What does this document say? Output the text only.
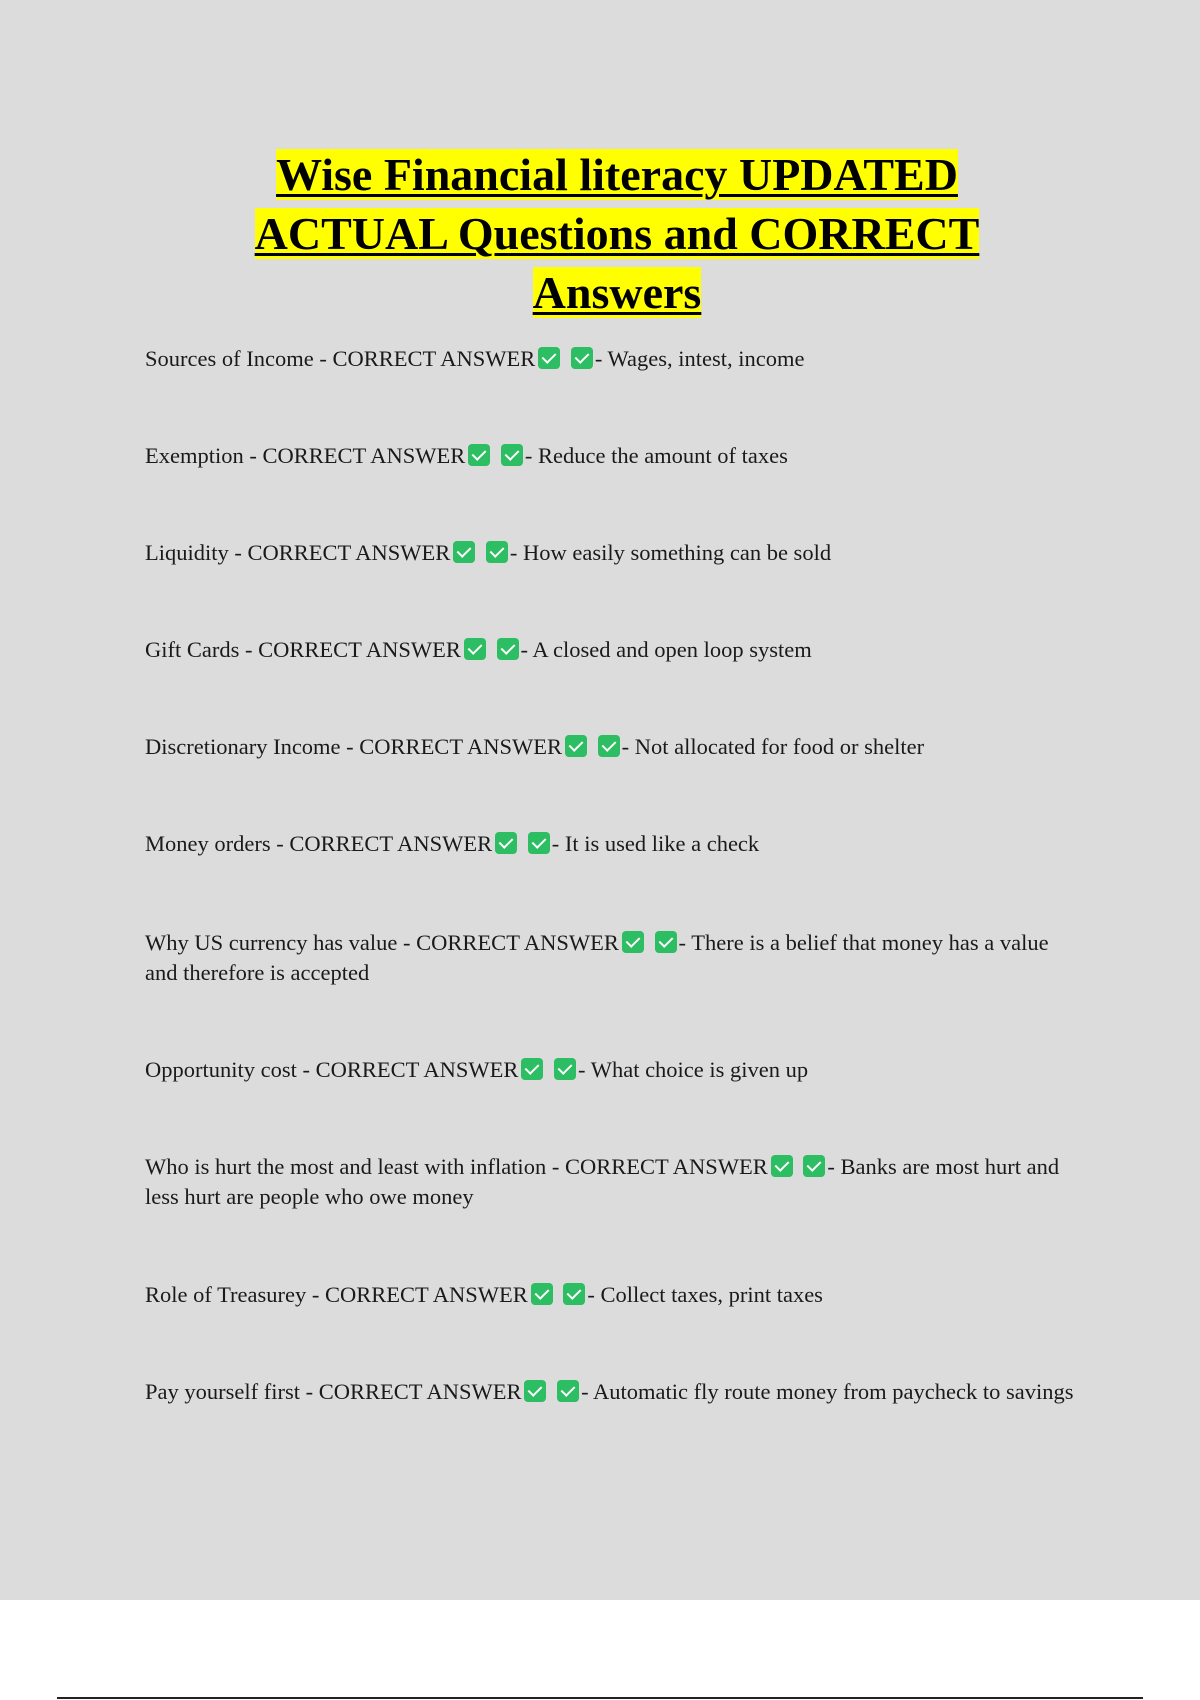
Wise Financial literacy UPDATED
ACTUAL Questions and CORRECT
Answers

Sources of Income - CORRECT ANSWER	- Wages, intest, income

Exemption - CORRECT ANSWER	- Reduce the amount of taxes

Liquidity - CORRECT ANSWER	- How easily something can be sold

Gift Cards - CORRECT ANSWER	- A closed and open loop system

Discretionary Income - CORRECT ANSWER	- Not allocated for food or shelter

Money orders - CORRECT ANSWER	- It is used like a check

Why US currency has value - CORRECT ANSWER	- There is a belief that money has a value and therefore is accepted

Opportunity cost - CORRECT ANSWER	- What choice is given up

Who is hurt the most and least with inflation - CORRECT ANSWER	- Banks are most hurt and less hurt are people who owe money

Role of Treasurey - CORRECT ANSWER	- Collect taxes, print taxes

Pay yourself first - CORRECT ANSWER	- Automatic fly route money from paycheck to savings
